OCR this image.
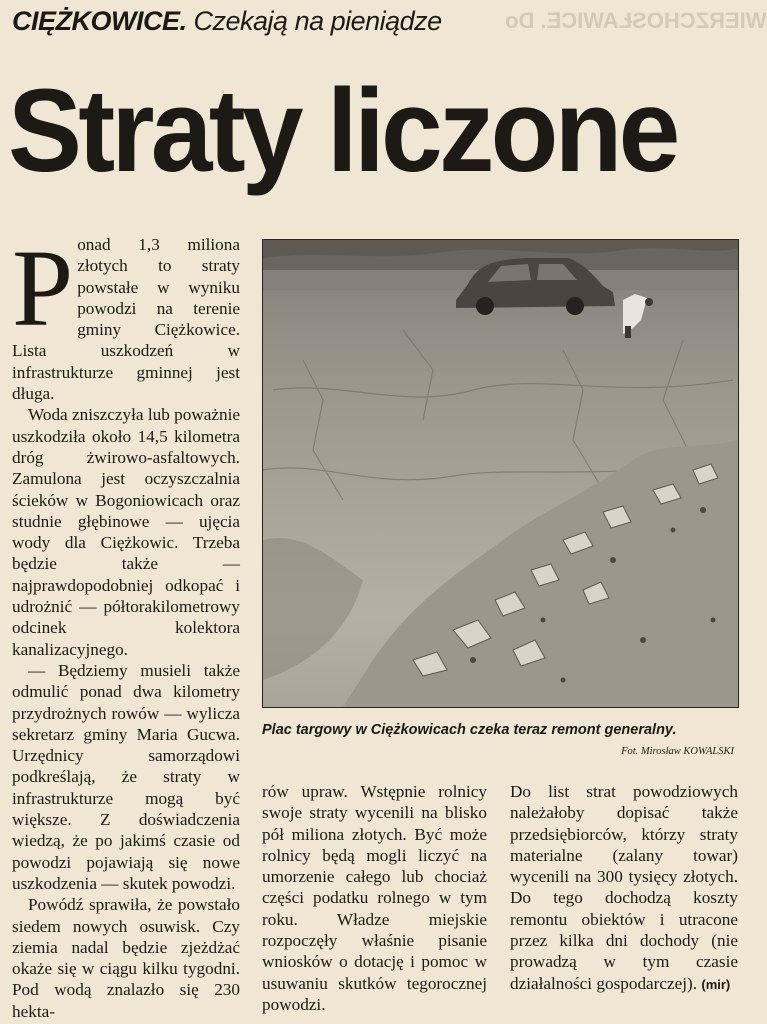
CIĘŻKOWICE. Czekają na pieniądze	WIERZCHOSŁAWICE. Do
Straty liczone
P onad 1,3 miliona złotych to straty powstałe w wyniku powodzi na terenie gminy Ciężkowice. Lista uszkodzeń w infrastrukturze gminnej jest długa.

Woda zniszczyła lub poważnie uszkodziła około 14,5 kilometra dróg żwirowo-asfaltowych. Zamulona jest oczyszczalnia ścieków w Bogoniowicach oraz studnie głębinowe — ujęcia wody dla Ciężkowic. Trzeba będzie także — najprawdopodobniej odkopać i udrożnić — półtorakilometrowy odcinek kolektora kanalizacyjnego.

— Będziemy musieli także odmulić ponad dwa kilometry przydrożnych rowów — wylicza sekretarz gminy Maria Gucwa. Urzędnicy samorządowi podkreślają, że straty w infrastrukturze mogą być większe. Z doświadczenia wiedzą, że po jakimś czasie od powodzi pojawiają się nowe uszkodzenia — skutek powodzi.

Powódź sprawiła, że powstało siedem nowych osuwisk. Czy ziemia nadal będzie zjeżdżać okaże się w ciągu kilku tygodni. Pod wodą znalazło się 230 hekta-

Plac targowy w Ciężkowicach czeka teraz remont generalny.
Fot. Mirosław KOWALSKI

rów upraw. Wstępnie rolnicy swoje straty wycenili na blisko pół miliona złotych. Być może rolnicy będą mogli liczyć na umorzenie całego lub chociaż części podatku rolnego w tym roku. Władze miejskie rozpoczęły właśnie pisanie wniosków o dotację i pomoc w usuwaniu skutków tegorocznej powodzi.

Do list strat powodziowych należałoby dopisać także przedsiębiorców, którzy straty materialne (zalany towar) wycenili na 300 tysięcy złotych. Do tego dochodzą koszty remontu obiektów i utracone przez kilka dni dochody (nie prowadzą w tym czasie działalności gospodarczej). (mir)
